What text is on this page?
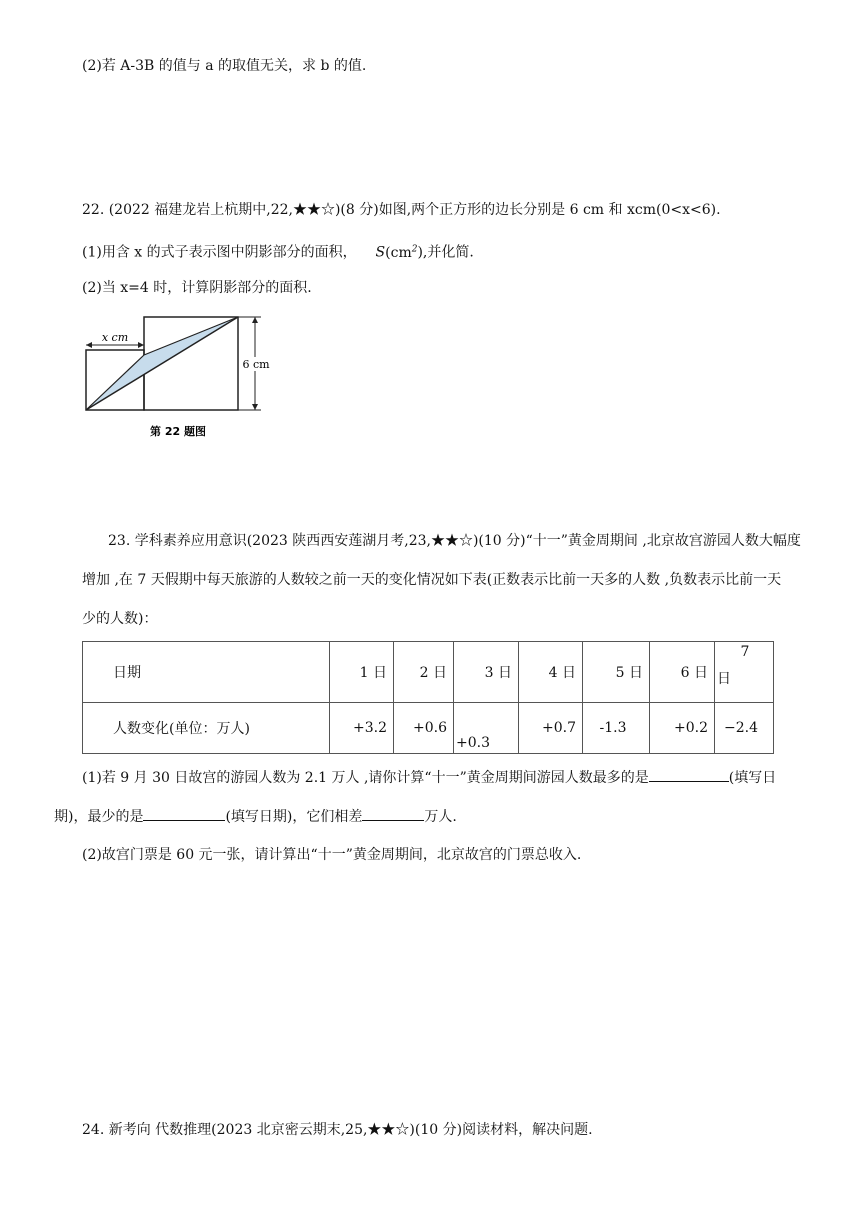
(2)若 A-3B 的值与 a 的取值无关，求 b 的值.
22. (2022 福建龙岩上杭期中,22,★★☆)(8 分)如图,两个正方形的边长分别是 6 cm 和 xcm(0<x<6).
(1)用含 x 的式子表示图中阴影部分的面积， $S(cm^2)$,并化简.
(2)当 x=4 时，计算阴影部分的面积.
x cm
6 cm
第 22 题图
23. 学科素养应用意识(2023 陕西西安莲湖月考,23,★★☆)(10 分)“十一”黄金周期间 ,北京故宫游园人数大幅度
增加 ,在 7 天假期中每天旅游的人数较之前一天的变化情况如下表(正数表示比前一天多的人数 ,负数表示比前一天
少的人数)：
日期	1 日	2 日	3 日	4 日	5 日	6 日	7
日

人数变化(单位：万人)	+3.2	+0.6	+0.3	+0.7	-1.3	+0.2	−2.4
(1)若 9 月 30 日故宫的游园人数为 2.1 万人 ,请你计算“十一”黄金周期间游园人数最多的是	(填写日
期)，最少的是	(填写日期)，它们相差	万人.
(2)故宫门票是 60 元一张，请计算出“十一”黄金周期间，北京故宫的门票总收入.
24. 新考向 代数推理(2023 北京密云期末,25,★★☆)(10 分)阅读材料，解决问题.
